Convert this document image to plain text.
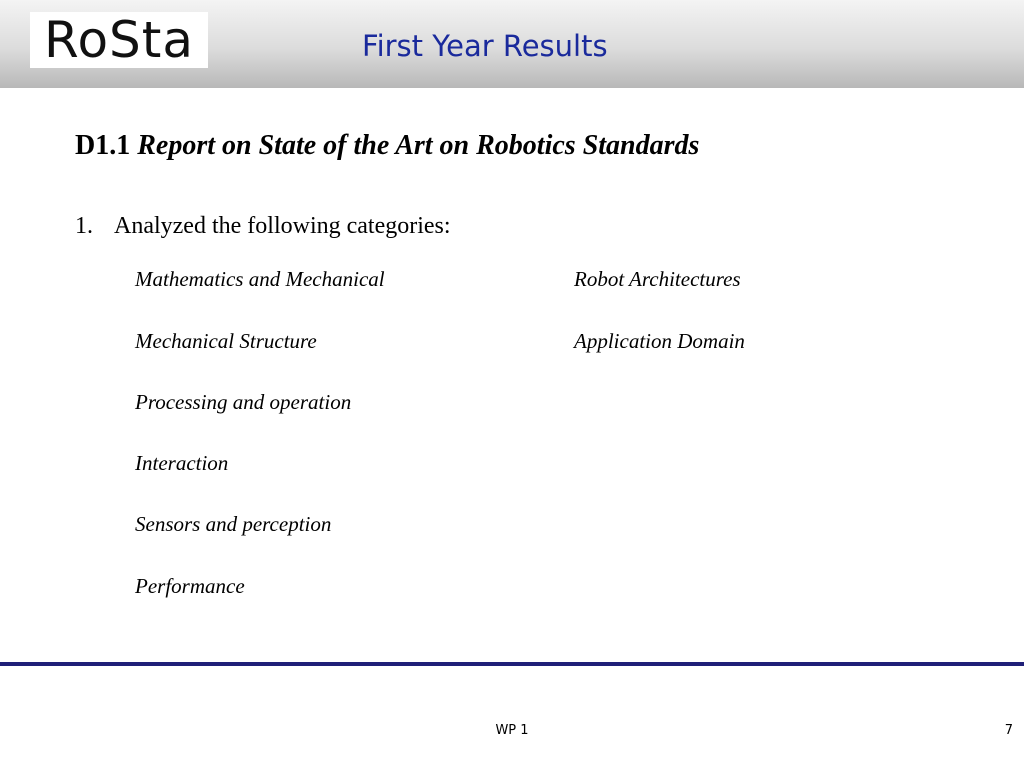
RoSta	First Year Results
D1.1 Report on State of the Art on Robotics Standards
1. Analyzed the following categories:
Mathematics and Mechanical
Mechanical Structure
Processing and operation
Interaction
Sensors and perception
Performance
Robot Architectures
Application Domain
WP 1	7
